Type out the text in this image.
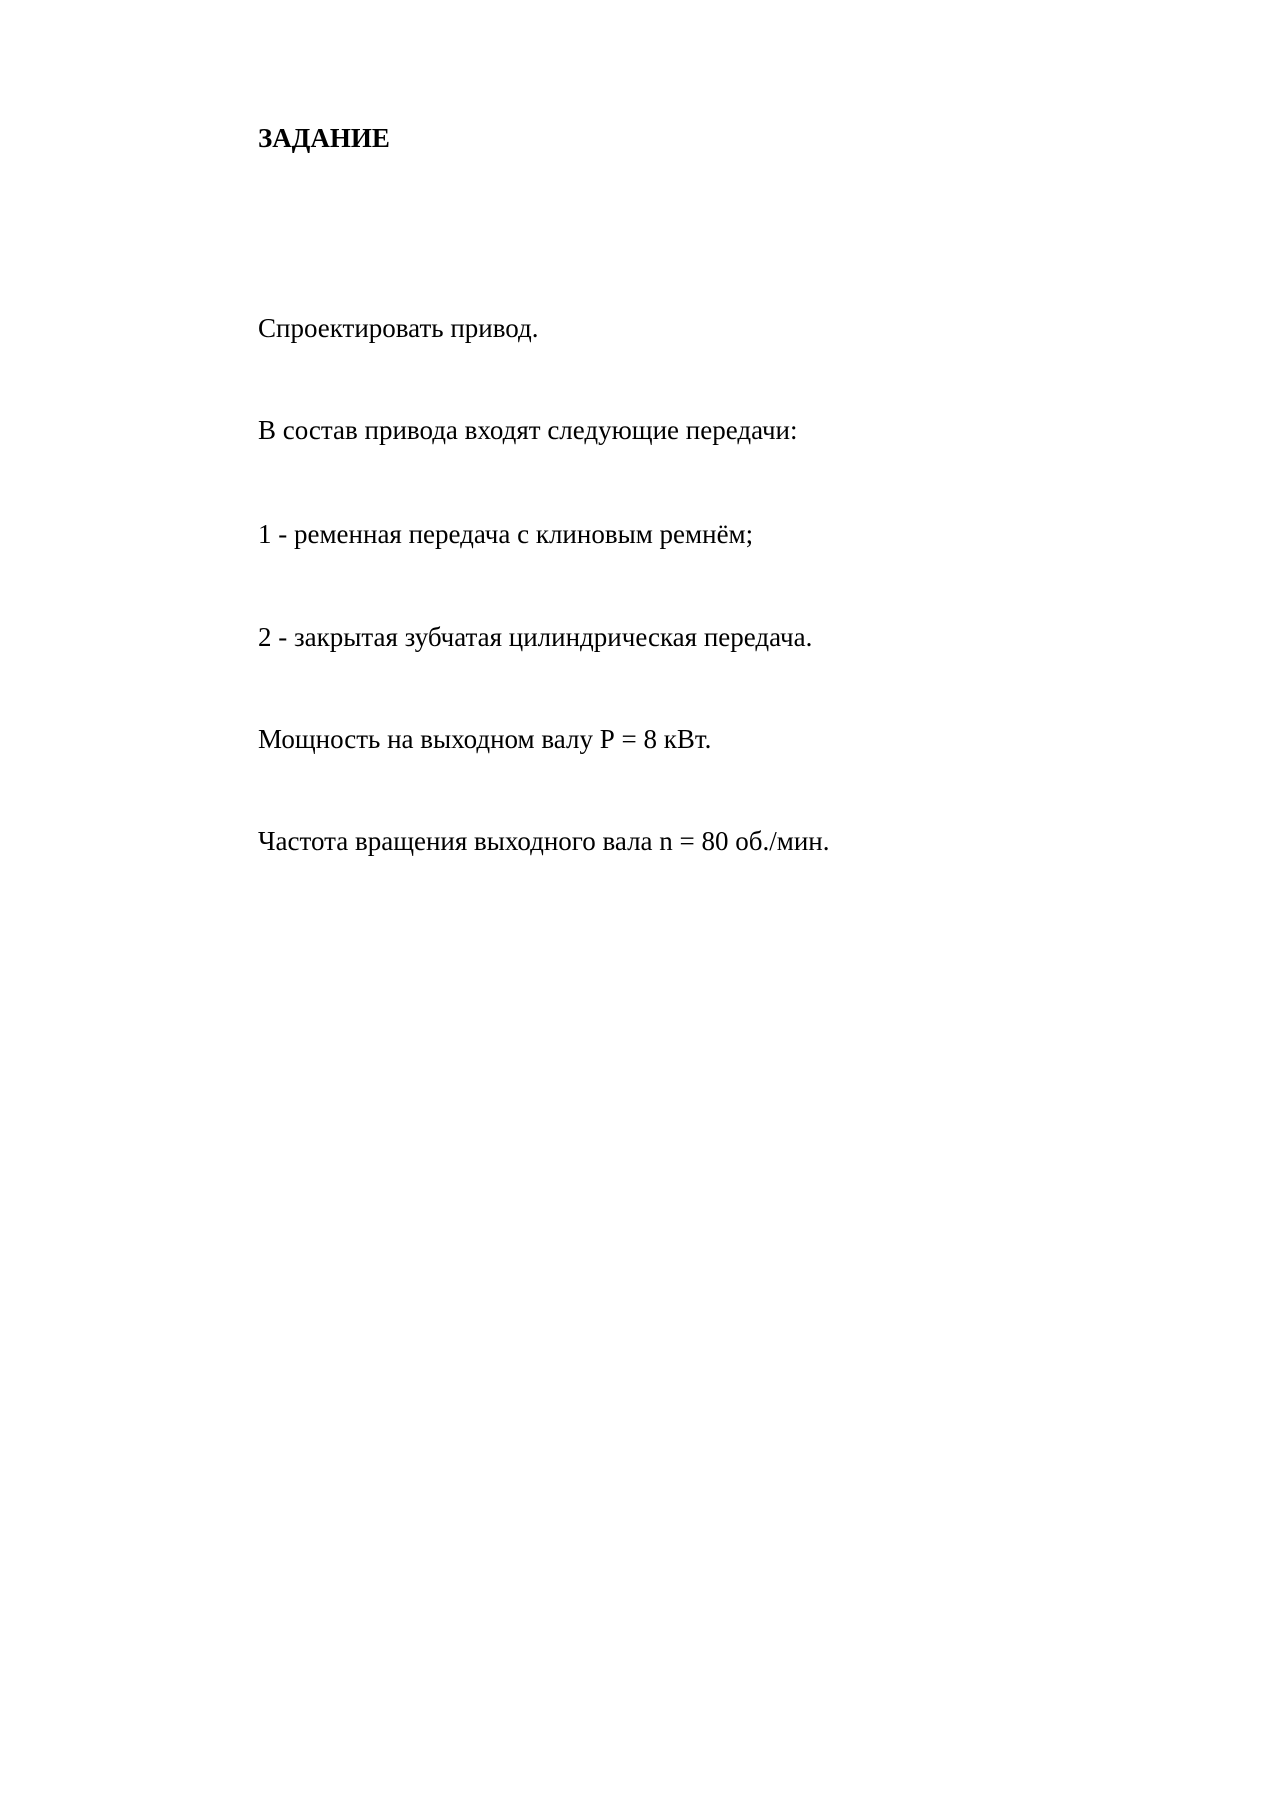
ЗАДАНИЕ
Спроектировать привод.
В состав привода входят следующие передачи:
1 - ременная передача с клиновым ремнём;
2 - закрытая зубчатая цилиндрическая передача.
Мощность на выходном валу Р = 8 кВт.
Частота вращения выходного вала n = 80 об./мин.
